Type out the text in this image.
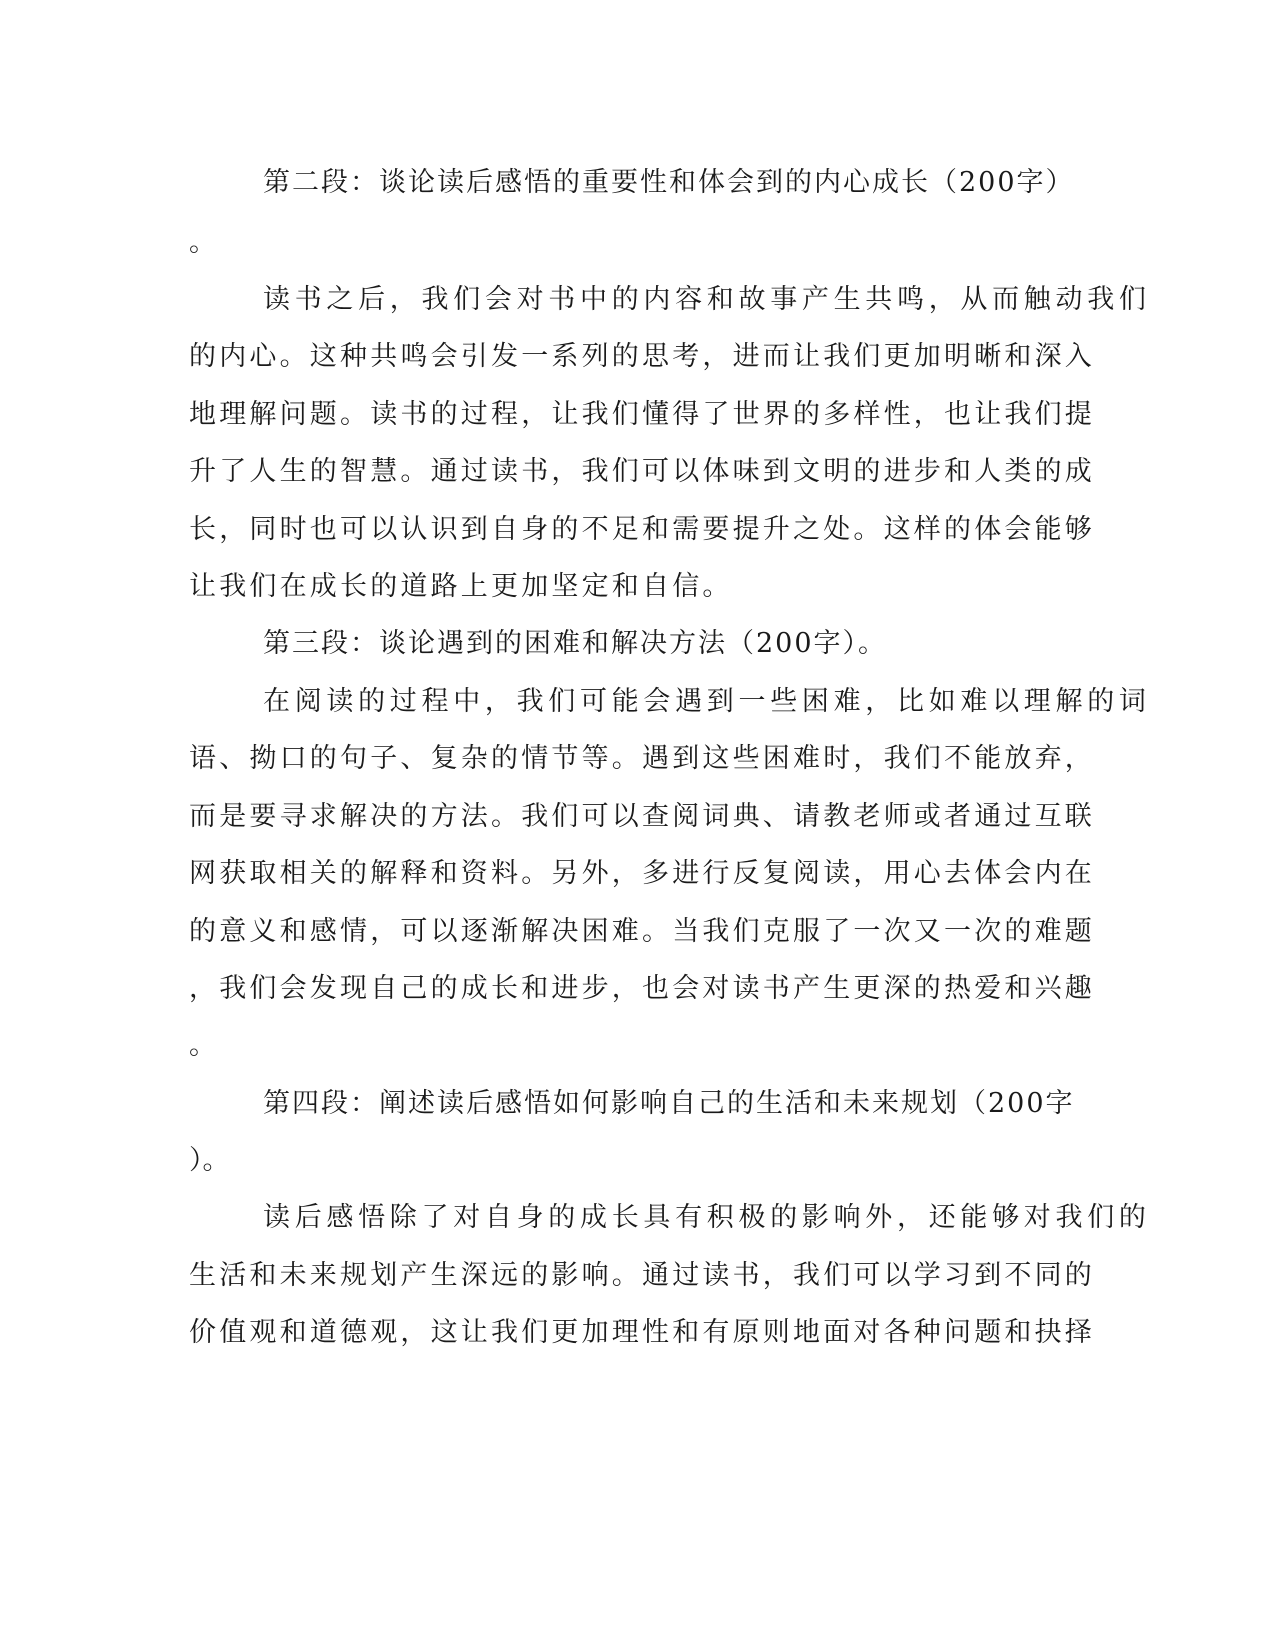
第二段：谈论读后感悟的重要性和体会到的内心成长（200字）
。
读书之后，我们会对书中的内容和故事产生共鸣，从而触动我们
的内心。这种共鸣会引发一系列的思考，进而让我们更加明晰和深入
地理解问题。读书的过程，让我们懂得了世界的多样性，也让我们提
升了人生的智慧。通过读书，我们可以体味到文明的进步和人类的成
长，同时也可以认识到自身的不足和需要提升之处。这样的体会能够
让我们在成长的道路上更加坚定和自信。
第三段：谈论遇到的困难和解决方法（200字）。
在阅读的过程中，我们可能会遇到一些困难，比如难以理解的词
语、拗口的句子、复杂的情节等。遇到这些困难时，我们不能放弃，
而是要寻求解决的方法。我们可以查阅词典、请教老师或者通过互联
网获取相关的解释和资料。另外，多进行反复阅读，用心去体会内在
的意义和感情，可以逐渐解决困难。当我们克服了一次又一次的难题
，我们会发现自己的成长和进步，也会对读书产生更深的热爱和兴趣
。
第四段：阐述读后感悟如何影响自己的生活和未来规划（200字
）。
读后感悟除了对自身的成长具有积极的影响外，还能够对我们的
生活和未来规划产生深远的影响。通过读书，我们可以学习到不同的
价值观和道德观，这让我们更加理性和有原则地面对各种问题和抉择
